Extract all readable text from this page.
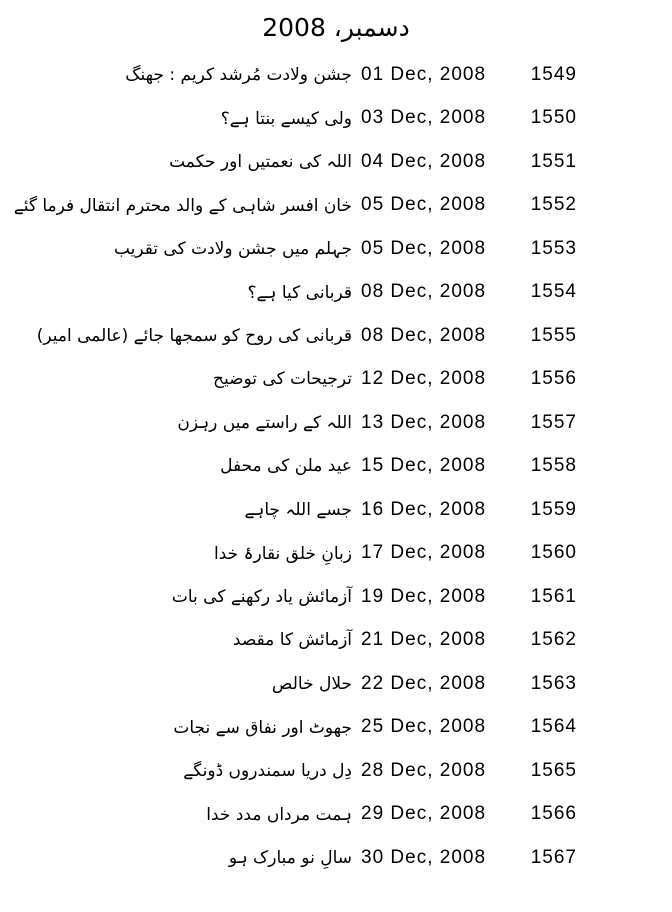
دسمبر، 2008
جشن ولادت مُرشد کریم : جھنگ 01 Dec, 2008	1549
ولی کیسے بنتا ہے؟ 03 Dec, 2008	1550
اللہ کی نعمتیں اور حکمت 04 Dec, 2008	1551
خان افسر شاہی کے والد محترم انتقال فرما گئے 05 Dec, 2008	1552
جہلم میں جشن ولادت کی تقریب 05 Dec, 2008	1553
قربانی کیا ہے؟ 08 Dec, 2008	1554
قربانی کی روح کو سمجھا جائے (عالمی امیر) 08 Dec, 2008	1555
ترجیحات کی توضیح 12 Dec, 2008	1556
اللہ کے راستے میں رہزن 13 Dec, 2008	1557
عید ملن کی محفل 15 Dec, 2008	1558
جسے اللہ چاہے 16 Dec, 2008	1559
زبانِ خلق نقارۂ خدا 17 Dec, 2008	1560
آزمائش یاد رکھنے کی بات 19 Dec, 2008	1561
آزمائش کا مقصد 21 Dec, 2008	1562
حلال خالص 22 Dec, 2008	1563
جھوٹ اور نفاق سے نجات 25 Dec, 2008	1564
دِل دریا سمندروں ڈونگے 28 Dec, 2008	1565
ہمت مرداں مدد خدا 29 Dec, 2008	1566
سالِ نو مبارک ہو 30 Dec, 2008	1567
